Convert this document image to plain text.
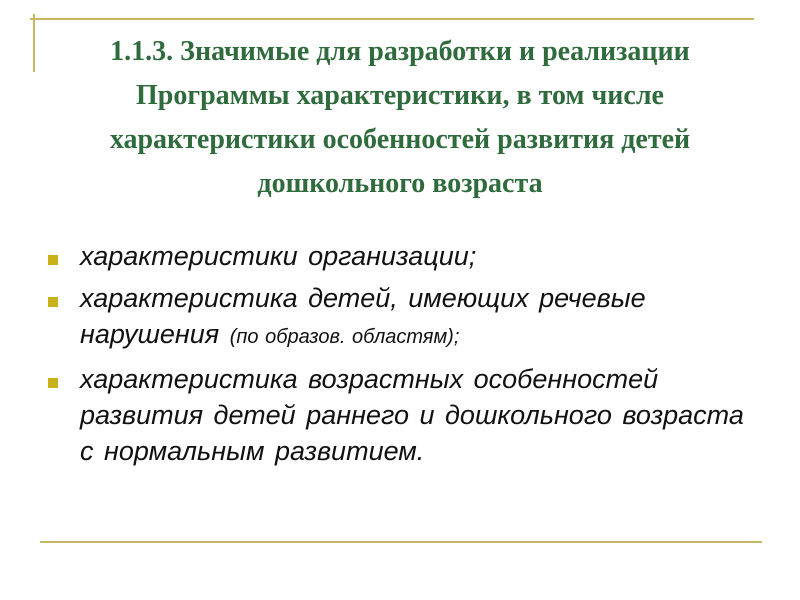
1.1.3. Значимые для разработки и реализации Программы характеристики, в том числе характеристики особенностей развития детей дошкольного возраста
характеристики организации;
характеристика детей, имеющих речевые нарушения (по образов. областям);
характеристика возрастных особенностей развития детей раннего и дошкольного возраста с нормальным развитием.
